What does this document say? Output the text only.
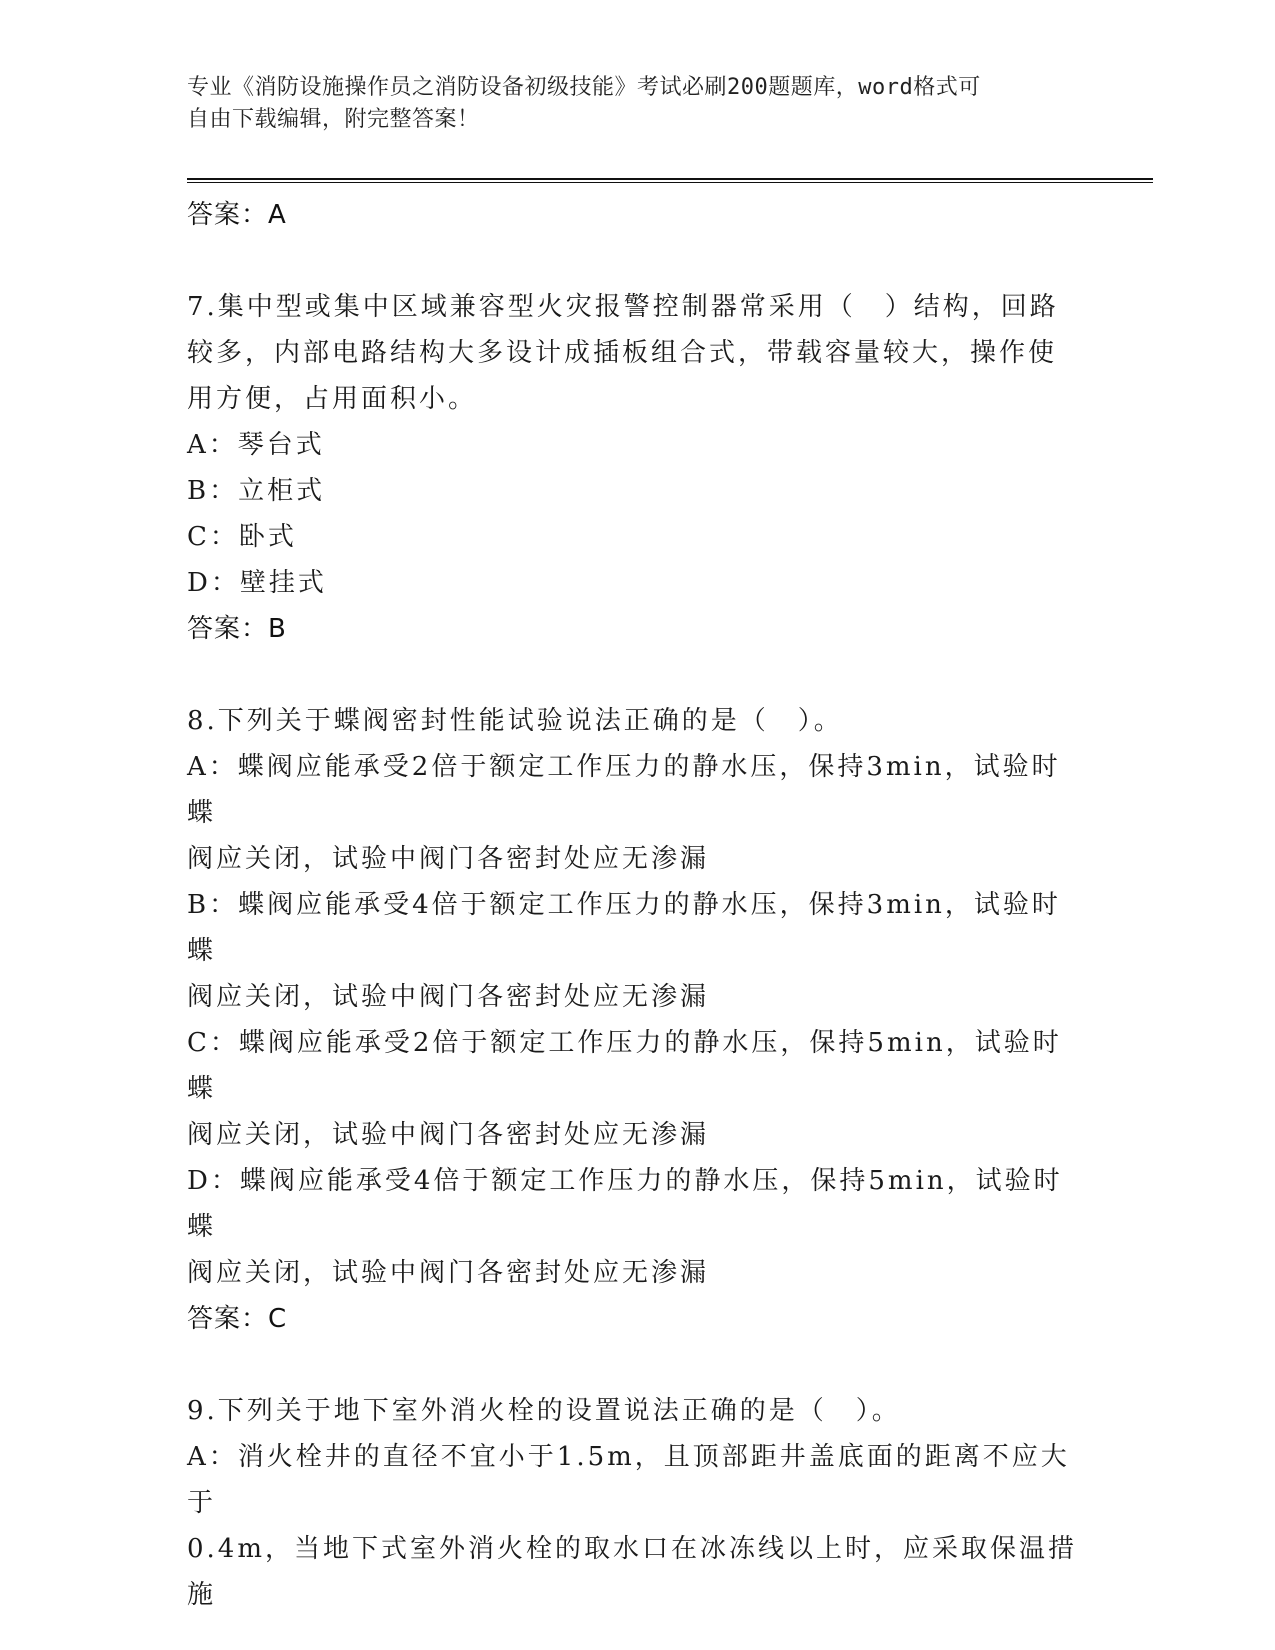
专业《消防设施操作员之消防设备初级技能》考试必刷200题题库，word格式可
自由下载编辑，附完整答案！
答案：A
7.集中型或集中区域兼容型火灾报警控制器常采用（　）结构，回路
较多，内部电路结构大多设计成插板组合式，带载容量较大，操作使
用方便，占用面积小。
A：琴台式
B：立柜式
C：卧式
D：壁挂式
答案：B
8.下列关于蝶阀密封性能试验说法正确的是（　）。
A：蝶阀应能承受2倍于额定工作压力的静水压，保持3min，试验时蝶
阀应关闭，试验中阀门各密封处应无渗漏
B：蝶阀应能承受4倍于额定工作压力的静水压，保持3min，试验时蝶
阀应关闭，试验中阀门各密封处应无渗漏
C：蝶阀应能承受2倍于额定工作压力的静水压，保持5min，试验时蝶
阀应关闭，试验中阀门各密封处应无渗漏
D：蝶阀应能承受4倍于额定工作压力的静水压，保持5min，试验时蝶
阀应关闭，试验中阀门各密封处应无渗漏
答案：C
9.下列关于地下室外消火栓的设置说法正确的是（　）。
A：消火栓井的直径不宜小于1.5m，且顶部距井盖底面的距离不应大于
0.4m，当地下式室外消火栓的取水口在冰冻线以上时，应采取保温措
施
